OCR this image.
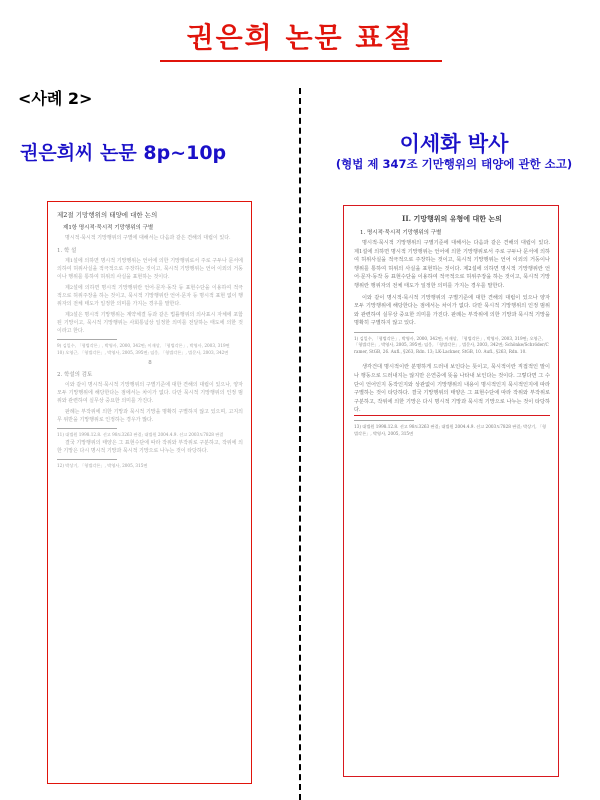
권은희 논문 표절
<사례 2>
권은희씨 논문 8p~10p	이세화 박사
(형법 제 347조 기만행위의 태양에 관한 소고)

제2절 기망행위의 태양에 대한 논의

제1항 명시적·묵시적 기망행위의 구별

명시적·묵시적 기망행위의 구별에 대해서는 다음과 같은 견해의 대립이 있다.

1. 학 설

제1설에 의하면 명시적 기망행위는 언어에 의한 기망행위로서 주로 구두나 문서에 의하여 허위사실을 적극적으로 주장하는 것이고, 묵시적 기망행위는 언어 이외의 거동이나 행위를 통하여 허위의 사실을 표현하는 것이다.

제2설에 의하면 명시적 기망행위란 언어·문자·동작 등 표현수단을 이용하여 적극적으로 허위주장을 하는 것이고, 묵시적 기망행위란 언어·문자 등 명시적 표현 없이 행위자의 전체 태도가 일정한 의미를 가지는 경우를 말한다.

제3설은 명시적 기망행위는 계약체결 등과 같은 법률행위의 의사표시 자체에 포함된 기망이고, 묵시적 기망행위는 사회통념상 일정한 의미를 전달하는 태도에 의한 것이라고 한다.

9) 김일수, 「형법각론」, 박영사, 2000, 342면; 이재상, 「형법각론」, 박영사, 2003, 319면

10) 오영근, 「형법각론」, 박영사, 2005, 395면; 임웅, 「형법각론」, 법문사, 2003, 342면

8

2. 학설의 검토

이와 같이 명시적·묵시적 기망행위의 구별기준에 대한 견해의 대립이 있으나, 양자 모두 기망행위에 해당한다는 점에서는 차이가 없다. 다만 묵시적 기망행위의 인정 범위와 관련하여 실무상 중요한 의미를 가진다.

판례는 부작위에 의한 기망과 묵시적 기망을 명확히 구별하지 않고 있으며, 고지의무 위반을 기망행위로 인정하는 경우가 많다.

11) 대법원 1998.12.8. 선고 98도3263 판결; 대법원 2004.4.9. 선고 2003도7828 판결

결국 기망행위의 태양은 그 표현수단에 따라 작위와 부작위로 구분하고, 작위에 의한 기망은 다시 명시적 기망과 묵시적 기망으로 나누는 것이 타당하다.

12) 박상기, 「형법각론」, 박영사, 2005, 315면

II. 기망행위의 유형에 대한 논의

1. 명시적·묵시적 기망행위의 구별

명시적·묵시적 기망행위의 구별기준에 대해서는 다음과 같은 견해의 대립이 있다. 제1설에 의하면 명시적 기망행위는 언어에 의한 기망행위로서 주로 구두나 문서에 의하여 허위사실을 적극적으로 주장하는 것이고, 묵시적 기망행위는 언어 이외의 거동이나 행위를 통하여 허위의 사실을 표현하는 것이다. 제2설에 의하면 명시적 기망행위란 언어·문자·동작 등 표현수단을 이용하여 적극적으로 허위주장을 하는 것이고, 묵시적 기망행위란 행위자의 전체 태도가 일정한 의미를 가지는 경우를 말한다.

이와 같이 명시적·묵시적 기망행위의 구별기준에 대한 견해의 대립이 있으나 양자 모두 기망행위에 해당한다는 점에서는 차이가 없다. 다만 묵시적 기망행위의 인정 범위와 관련하여 실무상 중요한 의미를 가진다. 판례는 부작위에 의한 기망과 묵시적 기망을 명확히 구별하지 않고 있다.

1) 김일수, 「형법각론」, 박영사, 2000, 342면; 이재상, 「형법각론」, 박영사, 2003, 319면; 오영근, 「형법각론」, 박영사, 2005, 395면; 임웅, 「형법각론」, 법문사, 2003, 342면; Schönke/Schröder/Cramer, StGB, 26. Aufl., §263, Rdn. 13; LK-Lackner, StGB, 10. Aufl., §263, Rdn. 10.

생각건대 명시적이란 분명하게 드러내 보인다는 뜻이고, 묵시적이란 직접적인 말이나 행동으로 드러내지는 않지만 은연중에 뜻을 나타내 보인다는 것이다. 그렇다면 그 수단이 언어인지 동작인지와 상관없이 기망행위의 내용이 명시적인지 묵시적인지에 따라 구별하는 것이 타당하다. 결국 기망행위의 태양은 그 표현수단에 따라 작위와 부작위로 구분하고, 작위에 의한 기망은 다시 명시적 기망과 묵시적 기망으로 나누는 것이 타당하다.

13) 대법원 1998.12.8. 선고 98도3263 판결; 대법원 2004.4.9. 선고 2003도7828 판결; 박상기, 「형법각론」, 박영사, 2005, 315면
